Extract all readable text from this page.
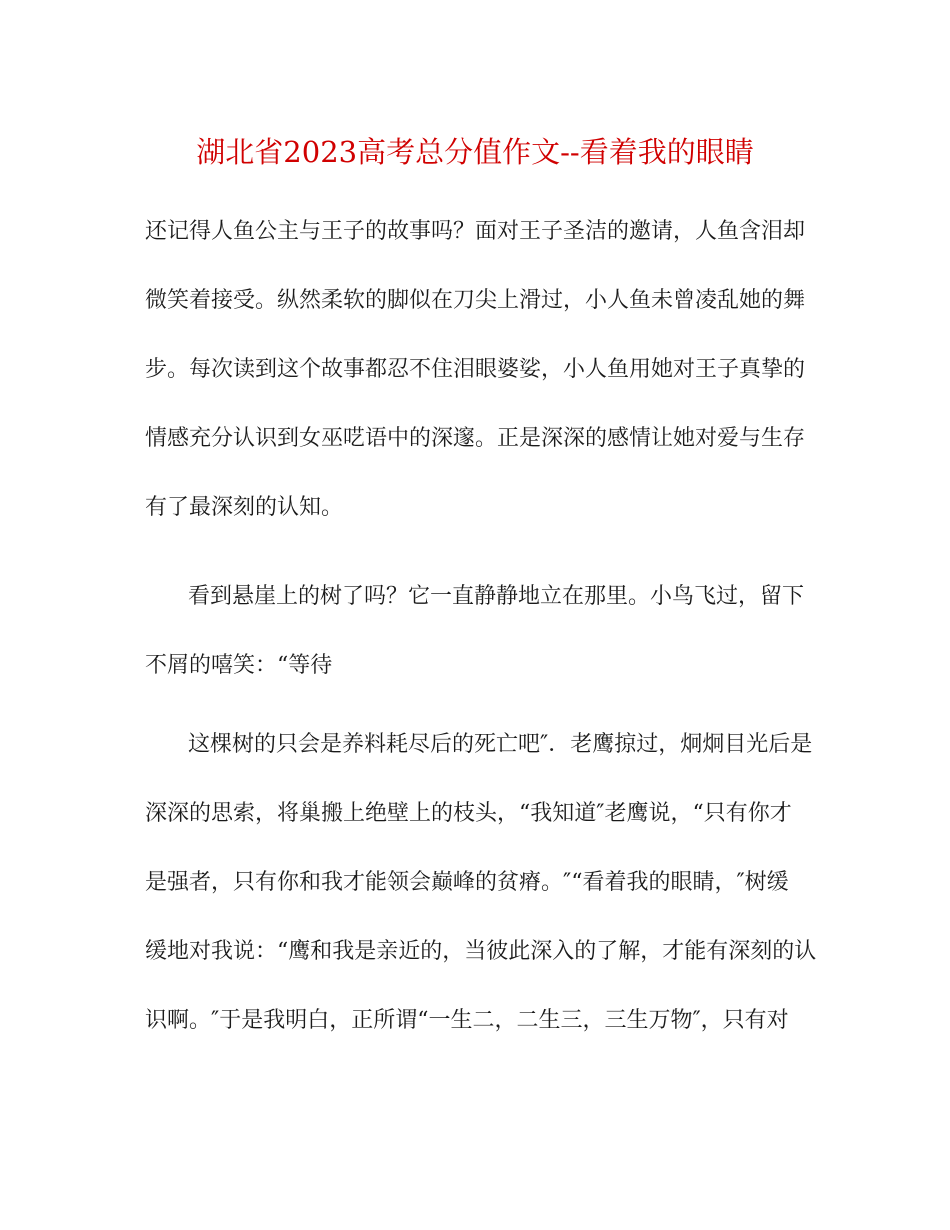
湖北省2023高考总分值作文--看着我的眼睛
还记得人鱼公主与王子的故事吗？面对王子圣洁的邀请，人鱼含泪却
微笑着接受。纵然柔软的脚似在刀尖上滑过，小人鱼未曾凌乱她的舞
步。每次读到这个故事都忍不住泪眼婆娑，小人鱼用她对王子真挚的
情感充分认识到女巫呓语中的深邃。正是深深的感情让她对爱与生存
有了最深刻的认知。
看到悬崖上的树了吗？它一直静静地立在那里。小鸟飞过，留下
不屑的嘻笑：“等待
这棵树的只会是养料耗尽后的死亡吧″．老鹰掠过，炯炯目光后是
深深的思索，将巢搬上绝壁上的枝头，“我知道″老鹰说，“只有你才
是强者，只有你和我才能领会巅峰的贫瘠。″“看着我的眼睛，″树缓
缓地对我说：“鹰和我是亲近的，当彼此深入的了解，才能有深刻的认
识啊。″于是我明白，正所谓“一生二，二生三，三生万物″，只有对
